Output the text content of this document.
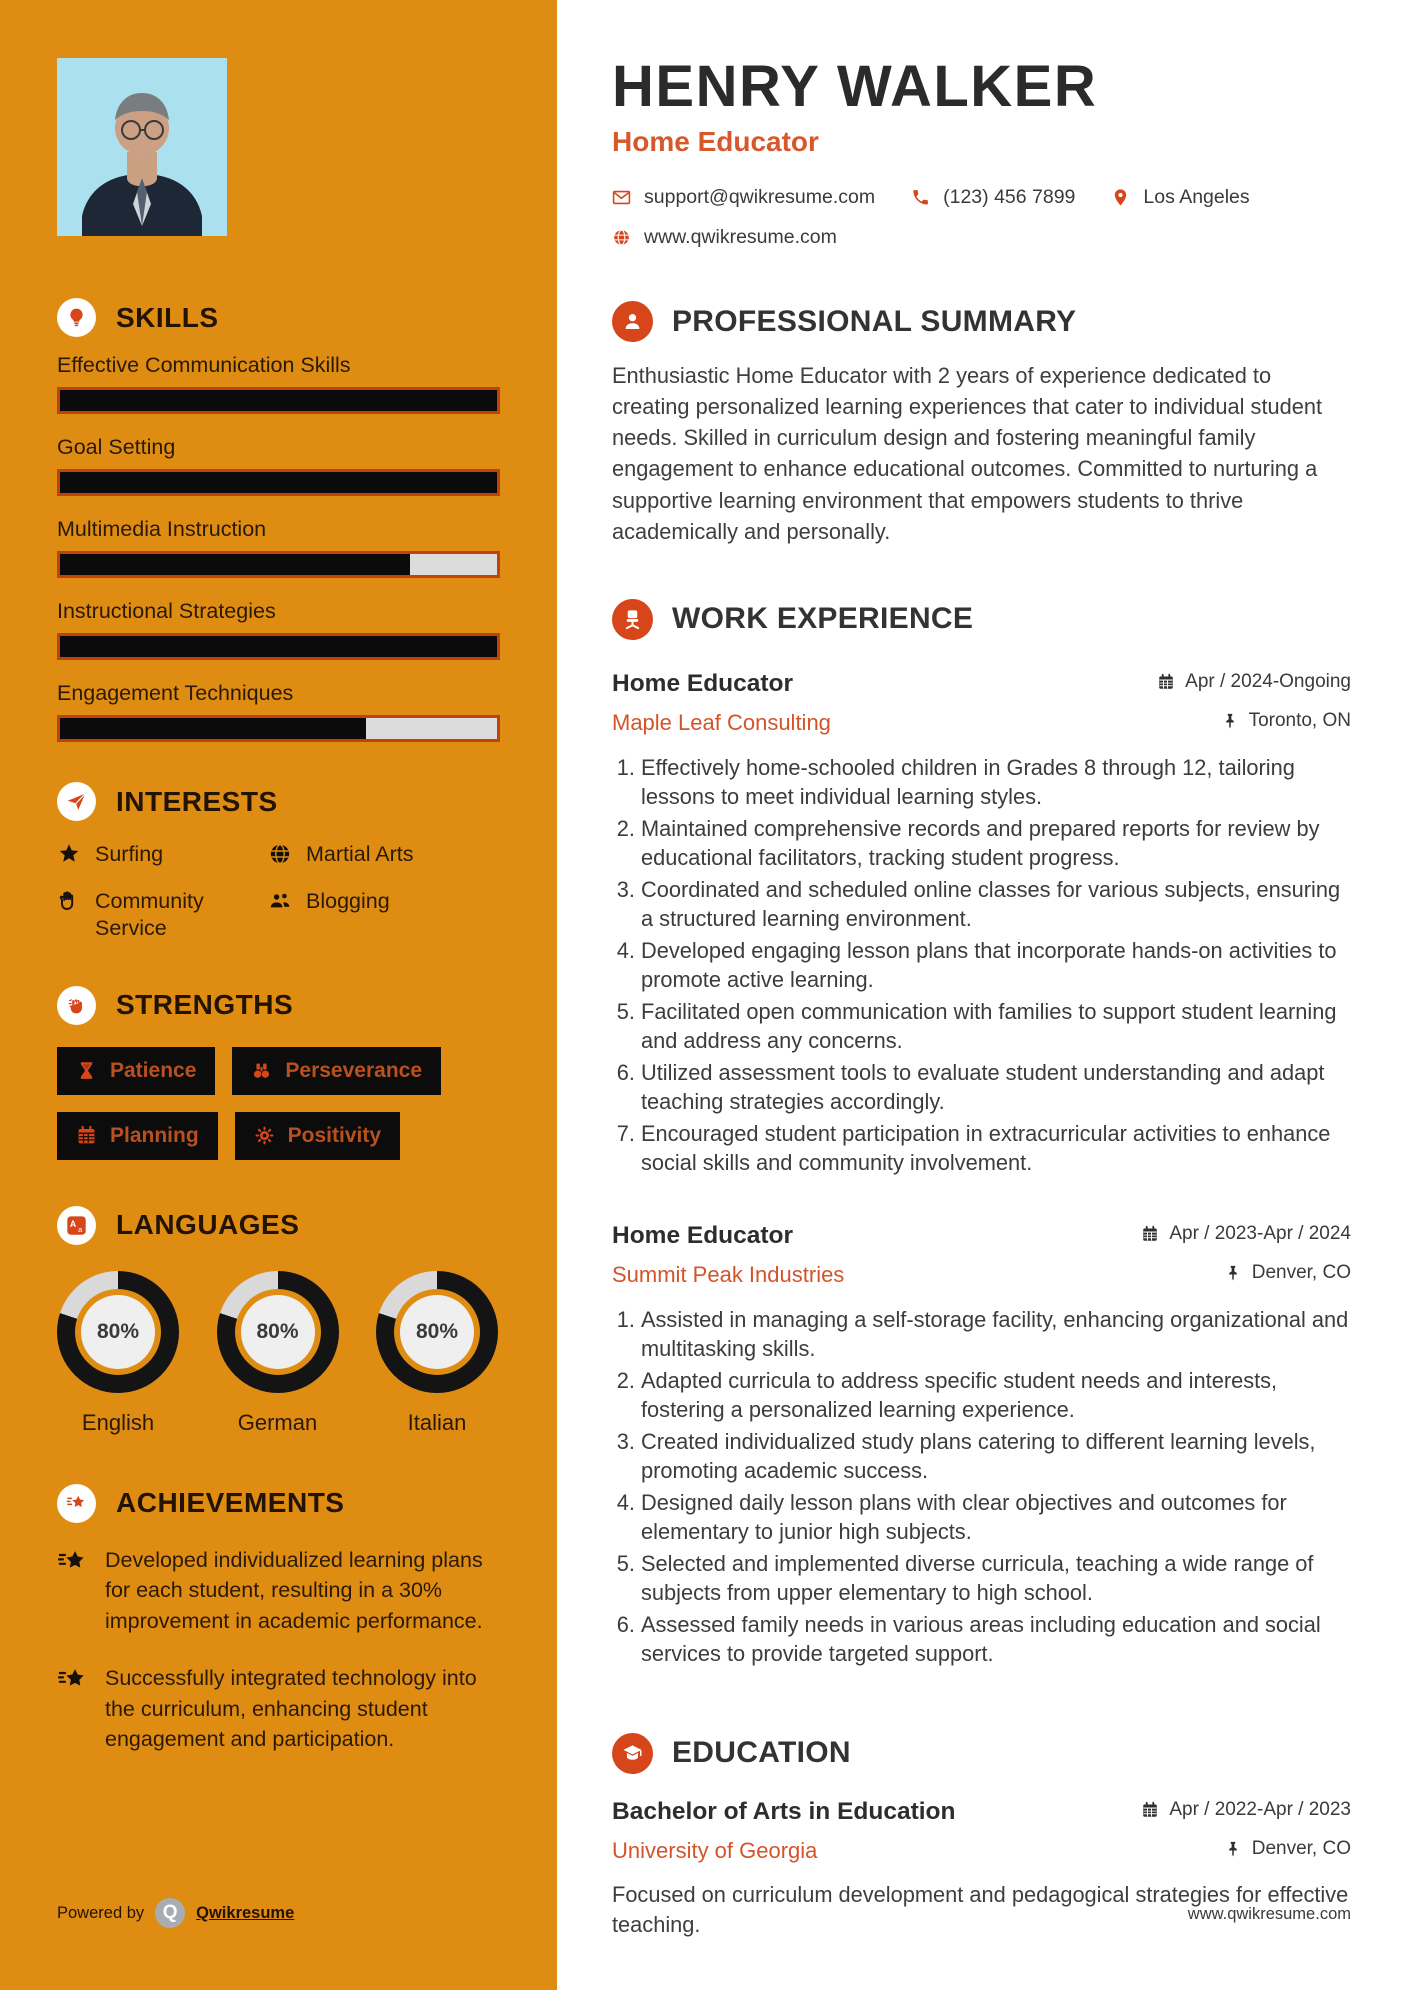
SKILLS
Effective Communication Skills
Goal Setting
Multimedia Instruction
Instructional Strategies
Engagement Techniques
INTERESTS
Surfing	Martial Arts
Community Service
Blogging
STRENGTHS
Patience	Perseverance
Planning	Positivity
A
a LANGUAGES
80%
English
80%
German
80%
Italian
ACHIEVEMENTS
Developed individualized learning plans for each student, resulting in a 30% improvement in academic performance.
Successfully integrated technology into the curriculum, enhancing student engagement and participation.
Powered by Q	Qwikresume
HENRY WALKER
Home Educator
support@qwikresume.com	(123) 456 7899	Los Angeles
www.qwikresume.com
PROFESSIONAL SUMMARY

Enthusiastic Home Educator with 2 years of experience dedicated to creating personalized learning experiences that cater to individual student needs. Skilled in curriculum design and fostering meaningful family engagement to enhance educational outcomes. Committed to nurturing a supportive learning environment that empowers students to thrive academically and personally.

WORK EXPERIENCE
Home Educator	Apr / 2024-Ongoing
Maple Leaf Consulting	Toronto, ON
1. Effectively home-schooled children in Grades 8 through 12, tailoring lessons to meet individual learning styles.
2. Maintained comprehensive records and prepared reports for review by educational facilitators, tracking student progress.
3. Coordinated and scheduled online classes for various subjects, ensuring a structured learning environment.
4. Developed engaging lesson plans that incorporate hands-on activities to promote active learning.
5. Facilitated open communication with families to support student learning and address any concerns.
6. Utilized assessment tools to evaluate student understanding and adapt teaching strategies accordingly.
7. Encouraged student participation in extracurricular activities to enhance social skills and community involvement.
Home Educator	Apr / 2023-Apr / 2024
Summit Peak Industries	Denver, CO
1. Assisted in managing a self-storage facility, enhancing organizational and multitasking skills.
2. Adapted curricula to address specific student needs and interests, fostering a personalized learning experience.
3. Created individualized study plans catering to different learning levels, promoting academic success.
4. Designed daily lesson plans with clear objectives and outcomes for elementary to junior high subjects.
5. Selected and implemented diverse curricula, teaching a wide range of subjects from upper elementary to high school.
6. Assessed family needs in various areas including education and social services to provide targeted support.
EDUCATION
Bachelor of Arts in Education	Apr / 2022-Apr / 2023
University of Georgia	Denver, CO

Focused on curriculum development and pedagogical strategies for effective teaching.	www.qwikresume.com
